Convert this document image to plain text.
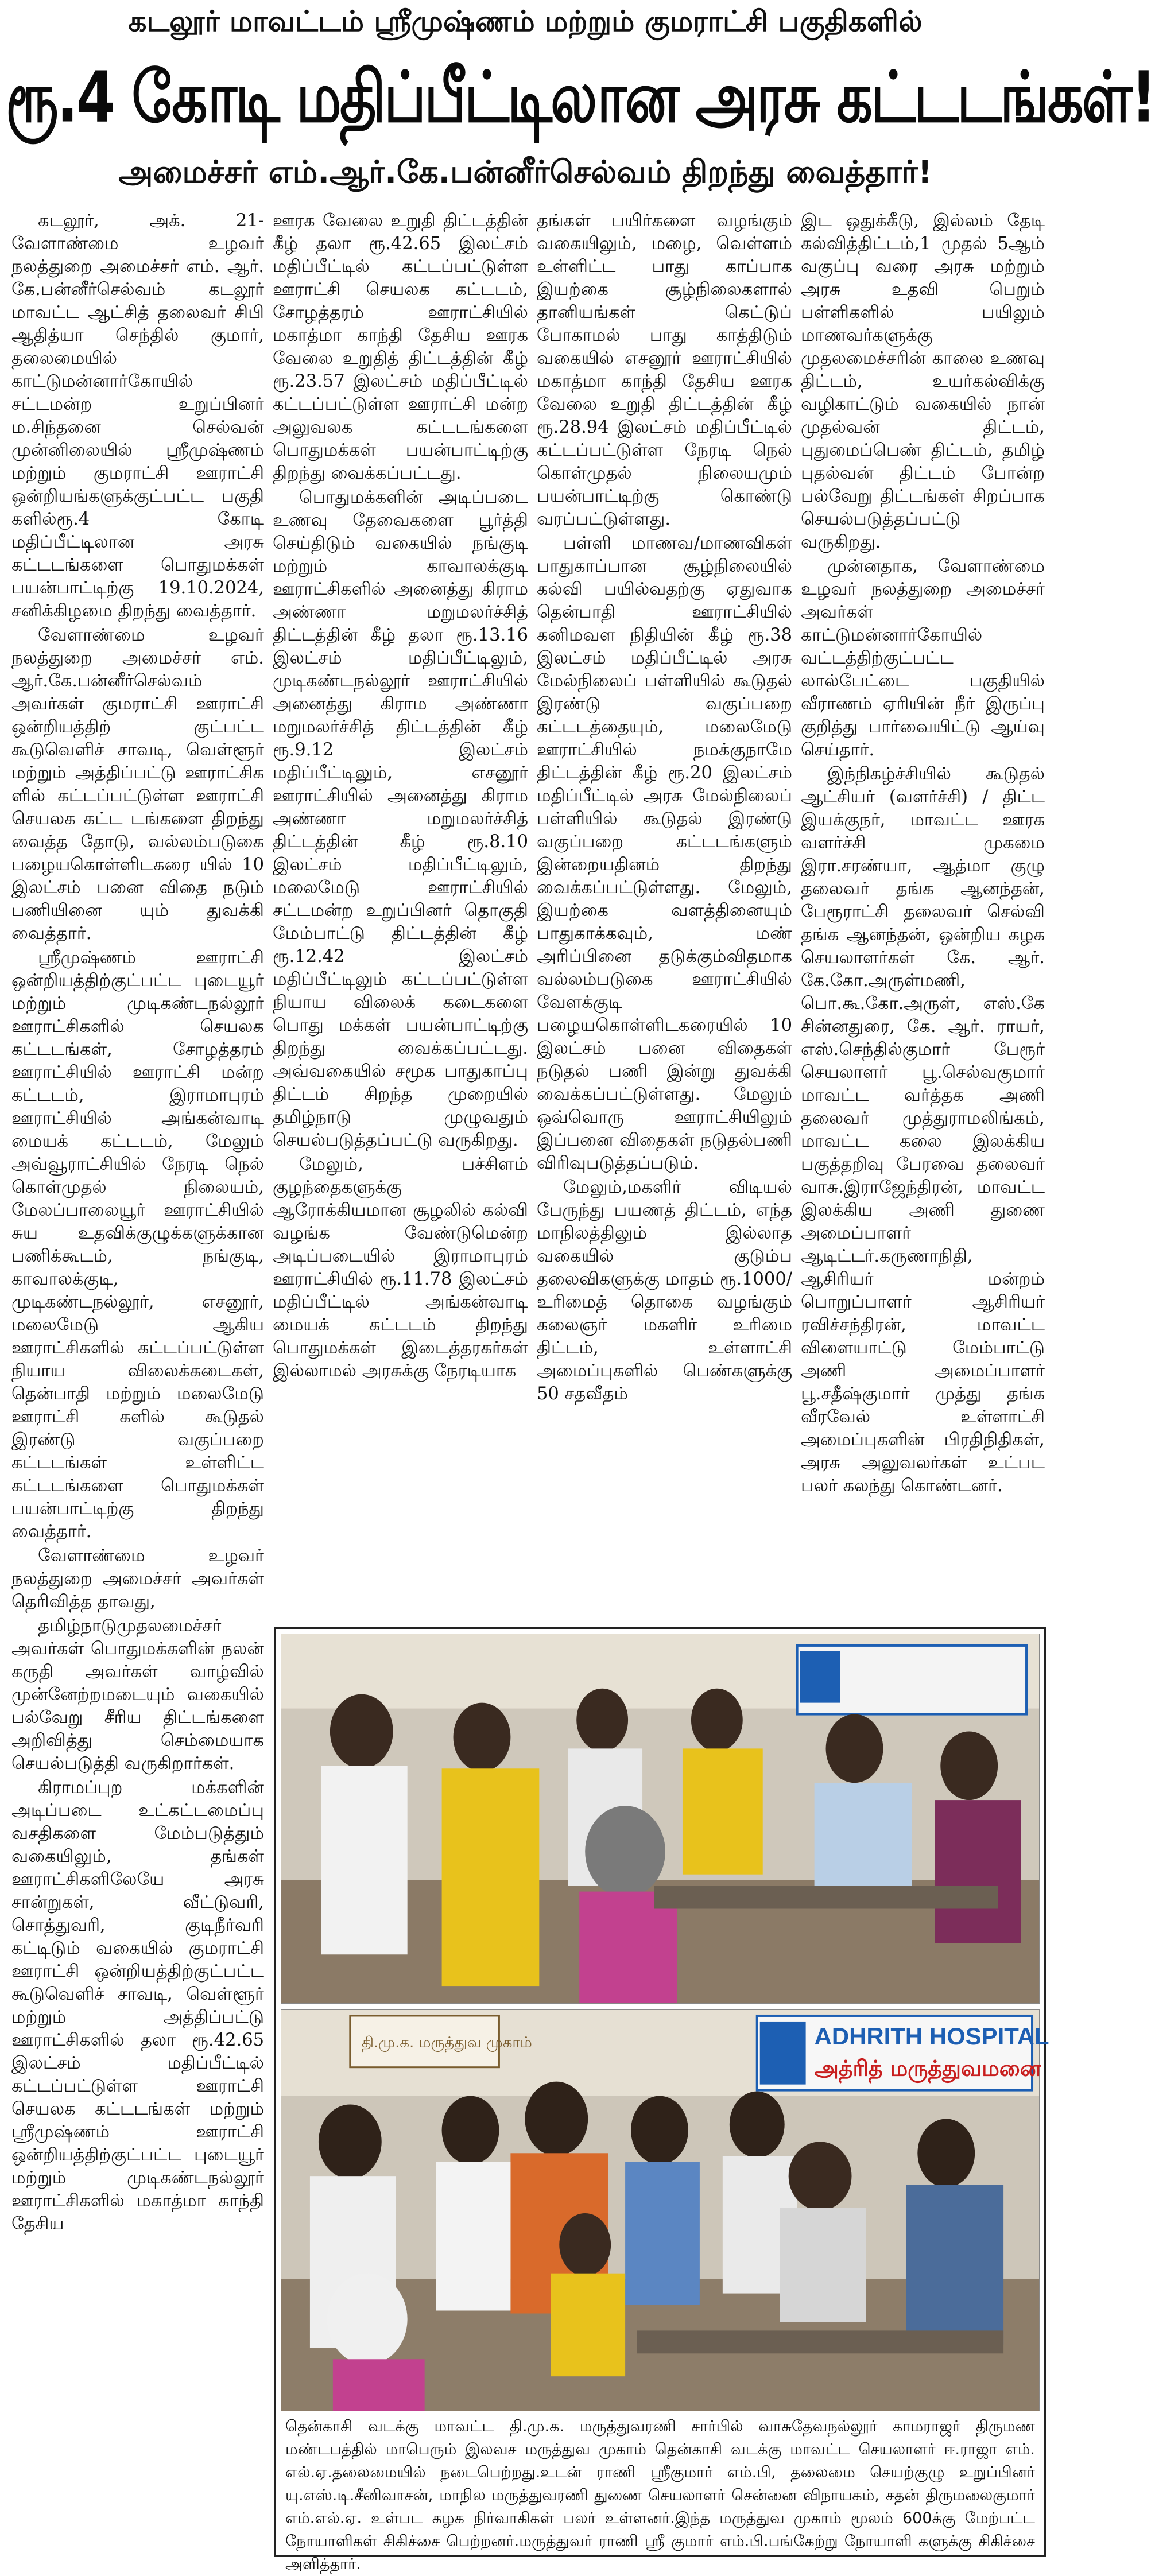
கடலூர் மாவட்டம் ஸ்ரீமுஷ்ணம் மற்றும் குமராட்சி பகுதிகளில்
ரூ.4 கோடி மதிப்பீட்டிலான அரசு கட்டடங்கள்!
அமைச்சர் எம்.ஆர்.கே.பன்னீர்செல்வம் திறந்து வைத்தார்!

கடலூர், அக். 21- வேளாண்மை உழவர் நலத்துறை அமைச்சர் எம். ஆர். கே.பன்னீர்செல்வம் கடலூர் மாவட்ட ஆட்சித் தலைவர் சிபி ஆதித்யா செந்தில் குமார், தலைமையில் காட்டுமன்னார்கோயில் சட்டமன்ற உறுப்பினர் ம.சிந்தனை செல்வன் முன்னிலையில் ஸ்ரீமுஷ்ணம் மற்றும் குமராட்சி ஊராட்சி ஒன்றியங்களுக்குட்பட்ட பகுதி களில்ரூ.4 கோடி மதிப்பீட்டிலான அரசு கட்டடங்களை பொதுமக்கள் பயன்பாட்டிற்கு 19.10.2024, சனிக்கிழமை திறந்து வைத்தார்.

வேளாண்மை உழவர் நலத்துறை அமைச்சர் எம். ஆர்.கே.பன்னீர்செல்வம் அவர்கள் குமராட்சி ஊராட்சி ஒன்றியத்திற் குட்பட்ட கூடுவெளிச் சாவடி, வெள்ளூர் மற்றும் அத்திப்பட்டு ஊராட்சிக ளில் கட்டப்பட்டுள்ள ஊராட்சி செயலக கட்ட டங்களை திறந்து வைத்த தோடு, வல்லம்படுகை பழையகொள்ளிடகரை யில் 10 இலட்சம் பனை விதை நடும் பணியினை யும் துவக்கி வைத்தார்.

ஸ்ரீமுஷ்ணம் ஊராட்சி ஒன்றியத்திற்குட்பட்ட புடையூர் மற்றும் முடிகண்டநல்லூர் ஊராட்சிகளில் செயலக கட்டடங்கள், சோழத்தரம் ஊராட்சியில் ஊராட்சி மன்ற கட்டடம், இராமாபுரம் ஊராட்சியில் அங்கன்வாடி மையக் கட்டடம், மேலும் அவ்வூராட்சியில் நேரடி நெல் கொள்முதல் நிலையம், மேலப்பாலையூர் ஊராட்சியில் சுய உதவிக்குழுக்களுக்கான பணிக்கூடம், நங்குடி, காவாலக்குடி, முடிகண்டநல்லூர், எசனூர், மலைமேடு ஆகிய ஊராட்சிகளில் கட்டப்பட்டுள்ள நியாய விலைக்கடைகள், தென்பாதி மற்றும் மலைமேடு ஊராட்சி களில் கூடுதல் இரண்டு வகுப்பறை கட்டடங்கள் உள்ளிட்ட கட்டடங்களை பொதுமக்கள் பயன்பாட்டிற்கு திறந்து வைத்தார்.

வேளாண்மை உழவர் நலத்துறை அமைச்சர் அவர்கள் தெரிவித்த தாவது,

தமிழ்நாடுமுதலமைச்சர் அவர்கள் பொதுமக்களின் நலன் கருதி அவர்கள் வாழ்வில் முன்னேற்றமடையும் வகையில் பல்வேறு சீரிய திட்டங்களை அறிவித்து செம்மையாக செயல்படுத்தி வருகிறார்கள்.

கிராமப்புற மக்களின் அடிப்படை உட்கட்டமைப்பு வசதிகளை மேம்படுத்தும் வகையிலும், தங்கள் ஊராட்சிகளிலேயே அரசு சான்றுகள், வீட்டுவரி, சொத்துவரி, குடிநீர்வரி கட்டிடும் வகையில் குமராட்சி ஊராட்சி ஒன்றியத்திற்குட்பட்ட கூடுவெளிச் சாவடி, வெள்ளூர் மற்றும் அத்திப்பட்டு ஊராட்சிகளில் தலா ரூ.42.65 இலட்சம் மதிப்பீட்டில் கட்டப்பட்டுள்ள ஊராட்சி செயலக கட்டடங்கள் மற்றும் ஸ்ரீமுஷ்ணம் ஊராட்சி ஒன்றியத்திற்குட்பட்ட புடையூர் மற்றும் முடிகண்டநல்லூர் ஊராட்சிகளில் மகாத்மா காந்தி தேசிய

ஊரக வேலை உறுதி திட்டத்தின் கீழ் தலா ரூ.42.65 இலட்சம் மதிப்பீட்டில் கட்டப்பட்டுள்ள ஊராட்சி செயலக கட்டடம், சோழத்தரம் ஊராட்சியில் மகாத்மா காந்தி தேசிய ஊரக வேலை உறுதித் திட்டத்தின் கீழ் ரூ.23.57 இலட்சம் மதிப்பீட்டில் கட்டப்பட்டுள்ள ஊராட்சி மன்ற அலுவலக கட்டடங்களை பொதுமக்கள் பயன்பாட்டிற்கு திறந்து வைக்கப்பட்டது.

பொதுமக்களின் அடிப்படை உணவு தேவைகளை பூர்த்தி செய்திடும் வகையில் நங்குடி மற்றும் காவாலக்குடி ஊராட்சிகளில் அனைத்து கிராம அண்ணா மறுமலர்ச்சித் திட்டத்தின் கீழ் தலா ரூ.13.16 இலட்சம் மதிப்பீட்டிலும், முடிகண்டநல்லூர் ஊராட்சியில் அனைத்து கிராம அண்ணா மறுமலர்ச்சித் திட்டத்தின் கீழ் ரூ.9.12 இலட்சம் மதிப்பீட்டிலும், எசனூர் ஊராட்சியில் அனைத்து கிராம அண்ணா மறுமலர்ச்சித் திட்டத்தின் கீழ் ரூ.8.10 இலட்சம் மதிப்பீட்டிலும், மலைமேடு ஊராட்சியில் சட்டமன்ற உறுப்பினர் தொகுதி மேம்பாட்டு திட்டத்தின் கீழ் ரூ.12.42 இலட்சம் மதிப்பீட்டிலும் கட்டப்பட்டுள்ள நியாய விலைக் கடைகளை பொது மக்கள் பயன்பாட்டிற்கு திறந்து வைக்கப்பட்டது. அவ்வகையில் சமூக பாதுகாப்பு திட்டம் சிறந்த முறையில் தமிழ்நாடு முழுவதும் செயல்படுத்தப்பட்டு வருகிறது.

மேலும், பச்சிளம் குழந்தைகளுக்கு ஆரோக்கியமான சூழலில் கல்வி வழங்க வேண்டுமென்ற அடிப்படையில் இராமாபுரம் ஊராட்சியில் ரூ.11.78 இலட்சம் மதிப்பீட்டில் அங்கன்வாடி மையக் கட்டடம் திறந்து பொதுமக்கள் இடைத்தரகர்கள் இல்லாமல் அரசுக்கு நேரடியாக

தங்கள் பயிர்களை வழங்கும் வகையிலும், மழை, வெள்ளம் உள்ளிட்ட பாது காப்பாக இயற்கை சூழ்நிலைகளால் தானியங்கள் கெட்டுப் போகாமல் பாது காத்திடும் வகையில் எசனூர் ஊராட்சியில் மகாத்மா காந்தி தேசிய ஊரக வேலை உறுதி திட்டத்தின் கீழ் ரூ.28.94 இலட்சம் மதிப்பீட்டில் கட்டப்பட்டுள்ள நேரடி நெல் கொள்முதல் நிலையமும் பயன்பாட்டிற்கு கொண்டு வரப்பட்டுள்ளது.

பள்ளி மாணவ/மாணவிகள் பாதுகாப்பான சூழ்நிலையில் கல்வி பயில்வதற்கு ஏதுவாக தென்பாதி ஊராட்சியில் கனிமவள நிதியின் கீழ் ரூ.38 இலட்சம் மதிப்பீட்டில் அரசு மேல்நிலைப் பள்ளியில் கூடுதல் இரண்டு வகுப்பறை கட்டடத்தையும், மலைமேடு ஊராட்சியில் நமக்குநாமே திட்டத்தின் கீழ் ரூ.20 இலட்சம் மதிப்பீட்டில் அரசு மேல்நிலைப் பள்ளியில் கூடுதல் இரண்டு வகுப்பறை கட்டடங்களும் இன்றையதினம் திறந்து வைக்கப்பட்டுள்ளது. மேலும், இயற்கை வளத்தினையும் பாதுகாக்கவும், மண் அரிப்பினை தடுக்கும்விதமாக வல்லம்படுகை ஊராட்சியில் வேளக்குடி பழையகொள்ளிடகரையில் 10 இலட்சம் பனை விதைகள் நடுதல் பணி இன்று துவக்கி வைக்கப்பட்டுள்ளது. மேலும் ஒவ்வொரு ஊராட்சியிலும் இப்பனை விதைகள் நடுதல்பணி விரிவுபடுத்தப்படும்.

மேலும்,மகளிர் விடியல் பேருந்து பயணத் திட்டம், எந்த மாநிலத்திலும் இல்லாத வகையில் குடும்ப தலைவிகளுக்கு மாதம் ரூ.1000/ உரிமைத் தொகை வழங்கும் கலைஞர் மகளிர் உரிமை திட்டம், உள்ளாட்சி அமைப்புகளில் பெண்களுக்கு 50 சதவீதம்

இட ஒதுக்கீடு, இல்லம் தேடி கல்வித்திட்டம்,1 முதல் 5ஆம் வகுப்பு வரை அரசு மற்றும் அரசு உதவி பெறும் பள்ளிகளில் பயிலும் மாணவர்களுக்கு முதலமைச்சரின் காலை உணவு திட்டம், உயர்கல்விக்கு வழிகாட்டும் வகையில் நான் முதல்வன் திட்டம், புதுமைப்பெண் திட்டம், தமிழ் புதல்வன் திட்டம் போன்ற பல்வேறு திட்டங்கள் சிறப்பாக செயல்படுத்தப்பட்டு வருகிறது.

முன்னதாக, வேளாண்மை உழவர் நலத்துறை அமைச்சர் அவர்கள் காட்டுமன்னார்கோயில் வட்டத்திற்குட்பட்ட லால்பேட்டை பகுதியில் வீராணம் ஏரியின் நீர் இருப்பு குறித்து பார்வையிட்டு ஆய்வு செய்தார்.

இந்நிகழ்ச்சியில் கூடுதல் ஆட்சியர் (வளர்ச்சி) / திட்ட இயக்குநர், மாவட்ட ஊரக வளர்ச்சி முகமை இரா.சரண்யா, ஆத்மா குழு தலைவர் தங்க ஆனந்தன், பேரூராட்சி தலைவர் செல்வி தங்க ஆனந்தன், ஒன்றிய கழக செயலாளர்கள் கே. ஆர். கே.கோ.அருள்மணி, பொ.கூ.கோ.அருள், எஸ்.கே சின்னதுரை, கே. ஆர். ராயர், எஸ்.செந்தில்குமார் பேரூர் செயலாளர் பூ.செல்வகுமார் மாவட்ட வர்த்தக அணி தலைவர் முத்துராமலிங்கம், மாவட்ட கலை இலக்கிய பகுத்தறிவு பேரவை தலைவர் வாசு.இராஜேந்திரன், மாவட்ட இலக்கிய அணி துணை அமைப்பாளர் ஆடிட்டர்.கருணாநிதி, ஆசிரியர் மன்றம் பொறுப்பாளர் ஆசிரியர் ரவிச்சந்திரன், மாவட்ட விளையாட்டு மேம்பாட்டு அணி அமைப்பாளர் பூ.சதீஷ்குமார் முத்து தங்க வீரவேல் உள்ளாட்சி அமைப்புகளின் பிரதிநிதிகள், அரசு அலுவலர்கள் உட்பட பலர் கலந்து கொண்டனர்.

ADHRITH HOSPITAL
அத்ரித் மருத்துவமனை
தி.மு.க. மருத்துவ முகாம்
தென்காசி வடக்கு மாவட்ட தி.மு.க. மருத்துவரணி சார்பில் வாசுதேவநல்லூர் காமராஜர் திருமண மண்டபத்தில் மாபெரும் இலவச மருத்துவ முகாம் தென்காசி வடக்கு மாவட்ட செயலாளர் ஈ.ராஜா எம். எல்.ஏ.தலைமையில் நடைபெற்றது.உடன் ராணி ஸ்ரீகுமார் எம்.பி, தலைமை செயற்குழு உறுப்பினர் யு.எஸ்.டி.சீனிவாசன், மாநில மருத்துவரணி துணை செயலாளர் சென்னை விநாயகம், சதன் திருமலைகுமார் எம்.எல்.ஏ. உள்பட கழக நிர்வாகிகள் பலர் உள்ளனர்.இந்த மருத்துவ முகாம் மூலம் 600க்கு மேற்பட்ட நோயாளிகள் சிகிச்சை பெற்றனர்.மருத்துவர் ராணி ஸ்ரீ குமார் எம்.பி.பங்கேற்று நோயாளி களுக்கு சிகிச்சை அளித்தார்.
